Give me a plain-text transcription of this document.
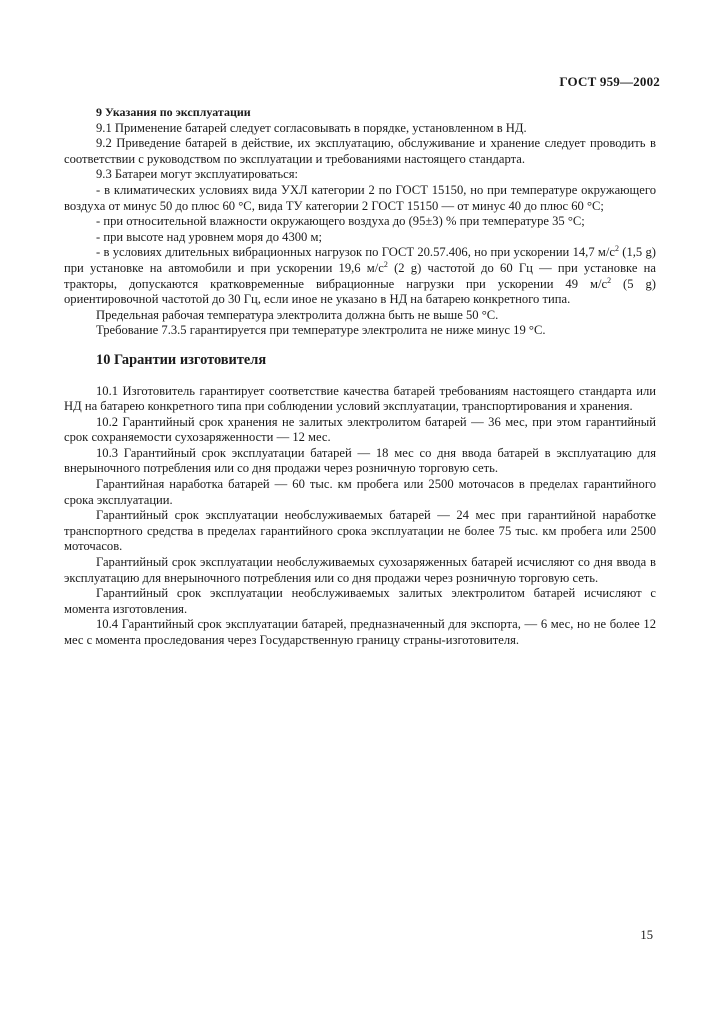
ГОСТ 959—2002
9 Указания по эксплуатации

9.1 Применение батарей следует согласовывать в порядке, установленном в НД.

9.2 Приведение батарей в действие, их эксплуатацию, обслуживание и хранение следует проводить в соответствии с руководством по эксплуатации и требованиями настоящего стандарта.

9.3 Батареи могут эксплуатироваться:

- в климатических условиях вида УХЛ категории 2 по ГОСТ 15150, но при температуре окружающего воздуха от минус 50 до плюс 60 °С, вида ТУ категории 2 ГОСТ 15150 — от минус 40 до плюс 60 °С;

- при относительной влажности окружающего воздуха до (95±3) % при температуре 35 °С;

- при высоте над уровнем моря до 4300 м;

- в условиях длительных вибрационных нагрузок по ГОСТ 20.57.406, но при ускорении 14,7 $м/с^2$ (1,5 g) при установке на автомобили и при ускорении 19,6 $м/с^2$ (2 g) частотой до 60 Гц — при установке на тракторы, допускаются кратковременные вибрационные нагрузки при ускорении 49 $м/с^2$ (5 g) ориентировочной частотой до 30 Гц, если иное не указано в НД на батарею конкретного типа.

Предельная рабочая температура электролита должна быть не выше 50 °С.

Требование 7.3.5 гарантируется при температуре электролита не ниже минус 19 °С.

10 Гарантии изготовителя

10.1 Изготовитель гарантирует соответствие качества батарей требованиям настоящего стандарта или НД на батарею конкретного типа при соблюдении условий эксплуатации, транспортирования и хранения.

10.2 Гарантийный срок хранения не залитых электролитом батарей — 36 мес, при этом гарантийный срок сохраняемости сухозаряженности — 12 мес.

10.3 Гарантийный срок эксплуатации батарей — 18 мес со дня ввода батарей в эксплуатацию для внерыночного потребления или со дня продажи через розничную торговую сеть.

Гарантийная наработка батарей — 60 тыс. км пробега или 2500 моточасов в пределах гарантийного срока эксплуатации.

Гарантийный срок эксплуатации необслуживаемых батарей — 24 мес при гарантийной наработке транспортного средства в пределах гарантийного срока эксплуатации не более 75 тыс. км пробега или 2500 моточасов.

Гарантийный срок эксплуатации необслуживаемых сухозаряженных батарей исчисляют со дня ввода в эксплуатацию для внерыночного потребления или со дня продажи через розничную торговую сеть.

Гарантийный срок эксплуатации необслуживаемых залитых электролитом батарей исчисляют с момента изготовления.

10.4 Гарантийный срок эксплуатации батарей, предназначенный для экспорта, — 6 мес, но не более 12 мес с момента проследования через Государственную границу страны-изготовителя.

15
